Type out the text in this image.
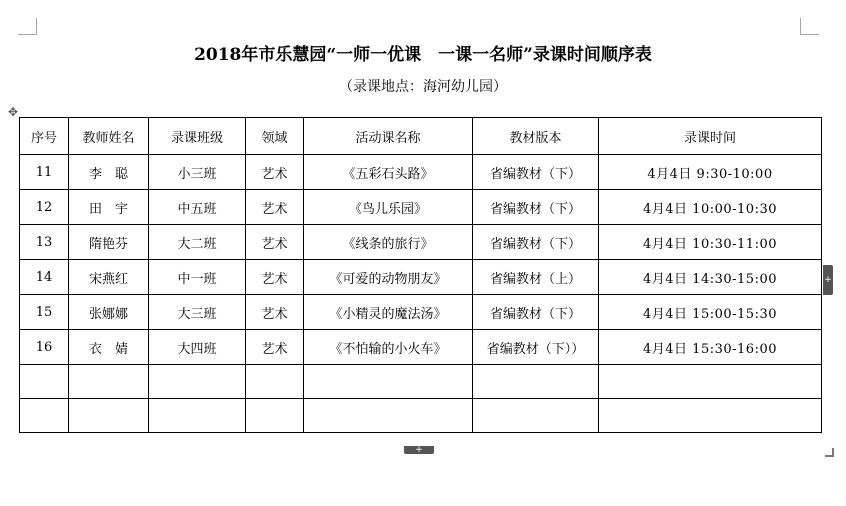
2018年市乐慧园“一师一优课　一课一名师”录课时间顺序表
（录课地点：海河幼儿园）
✥
序号	教师姓名	录课班级	领域	活动课名称	教材版本	录课时间
11	李　聪	小三班	艺术	《五彩石头路》	省编教材（下）	4月4日 9:30-10:00
12	田　宇	中五班	艺术	《鸟儿乐园》	省编教材（下）	4月4日 10:00-10:30
13	隋艳芬	大二班	艺术	《线条的旅行》	省编教材（下）	4月4日 10:30-11:00
14	宋燕红	中一班	艺术	《可爱的动物朋友》	省编教材（上）	4月4日 14:30-15:00
15	张娜娜	大三班	艺术	《小精灵的魔法汤》	省编教材（下）	4月4日 15:00-15:30
16	衣　婧	大四班	艺术	《不怕输的小火车》	省编教材（下））	4月4日 15:30-16:00

+
+
